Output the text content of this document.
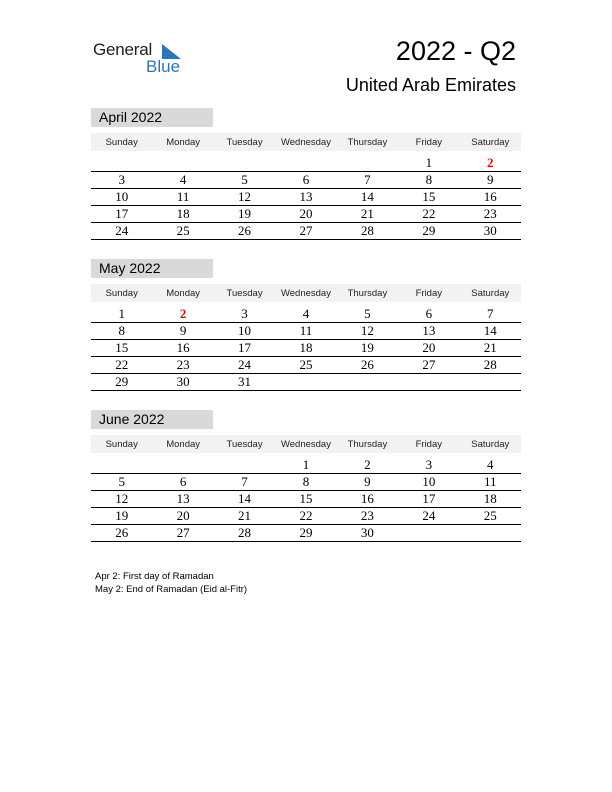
General
Blue
2022 - Q2
United Arab Emirates
April 2022
Sunday	Monday	Tuesday	Wednesday	Thursday	Friday	Saturday

					1	2
3	4	5	6	7	8	9
10	11	12	13	14	15	16
17	18	19	20	21	22	23
24	25	26	27	28	29	30
May 2022
Sunday	Monday	Tuesday	Wednesday	Thursday	Friday	Saturday

1	2	3	4	5	6	7
8	9	10	11	12	13	14
15	16	17	18	19	20	21
22	23	24	25	26	27	28
29	30	31				
June 2022
Sunday	Monday	Tuesday	Wednesday	Thursday	Friday	Saturday

			1	2	3	4
5	6	7	8	9	10	11
12	13	14	15	16	17	18
19	20	21	22	23	24	25
26	27	28	29	30		
Apr 2: First day of Ramadan
May 2: End of Ramadan (Eid al-Fitr)
